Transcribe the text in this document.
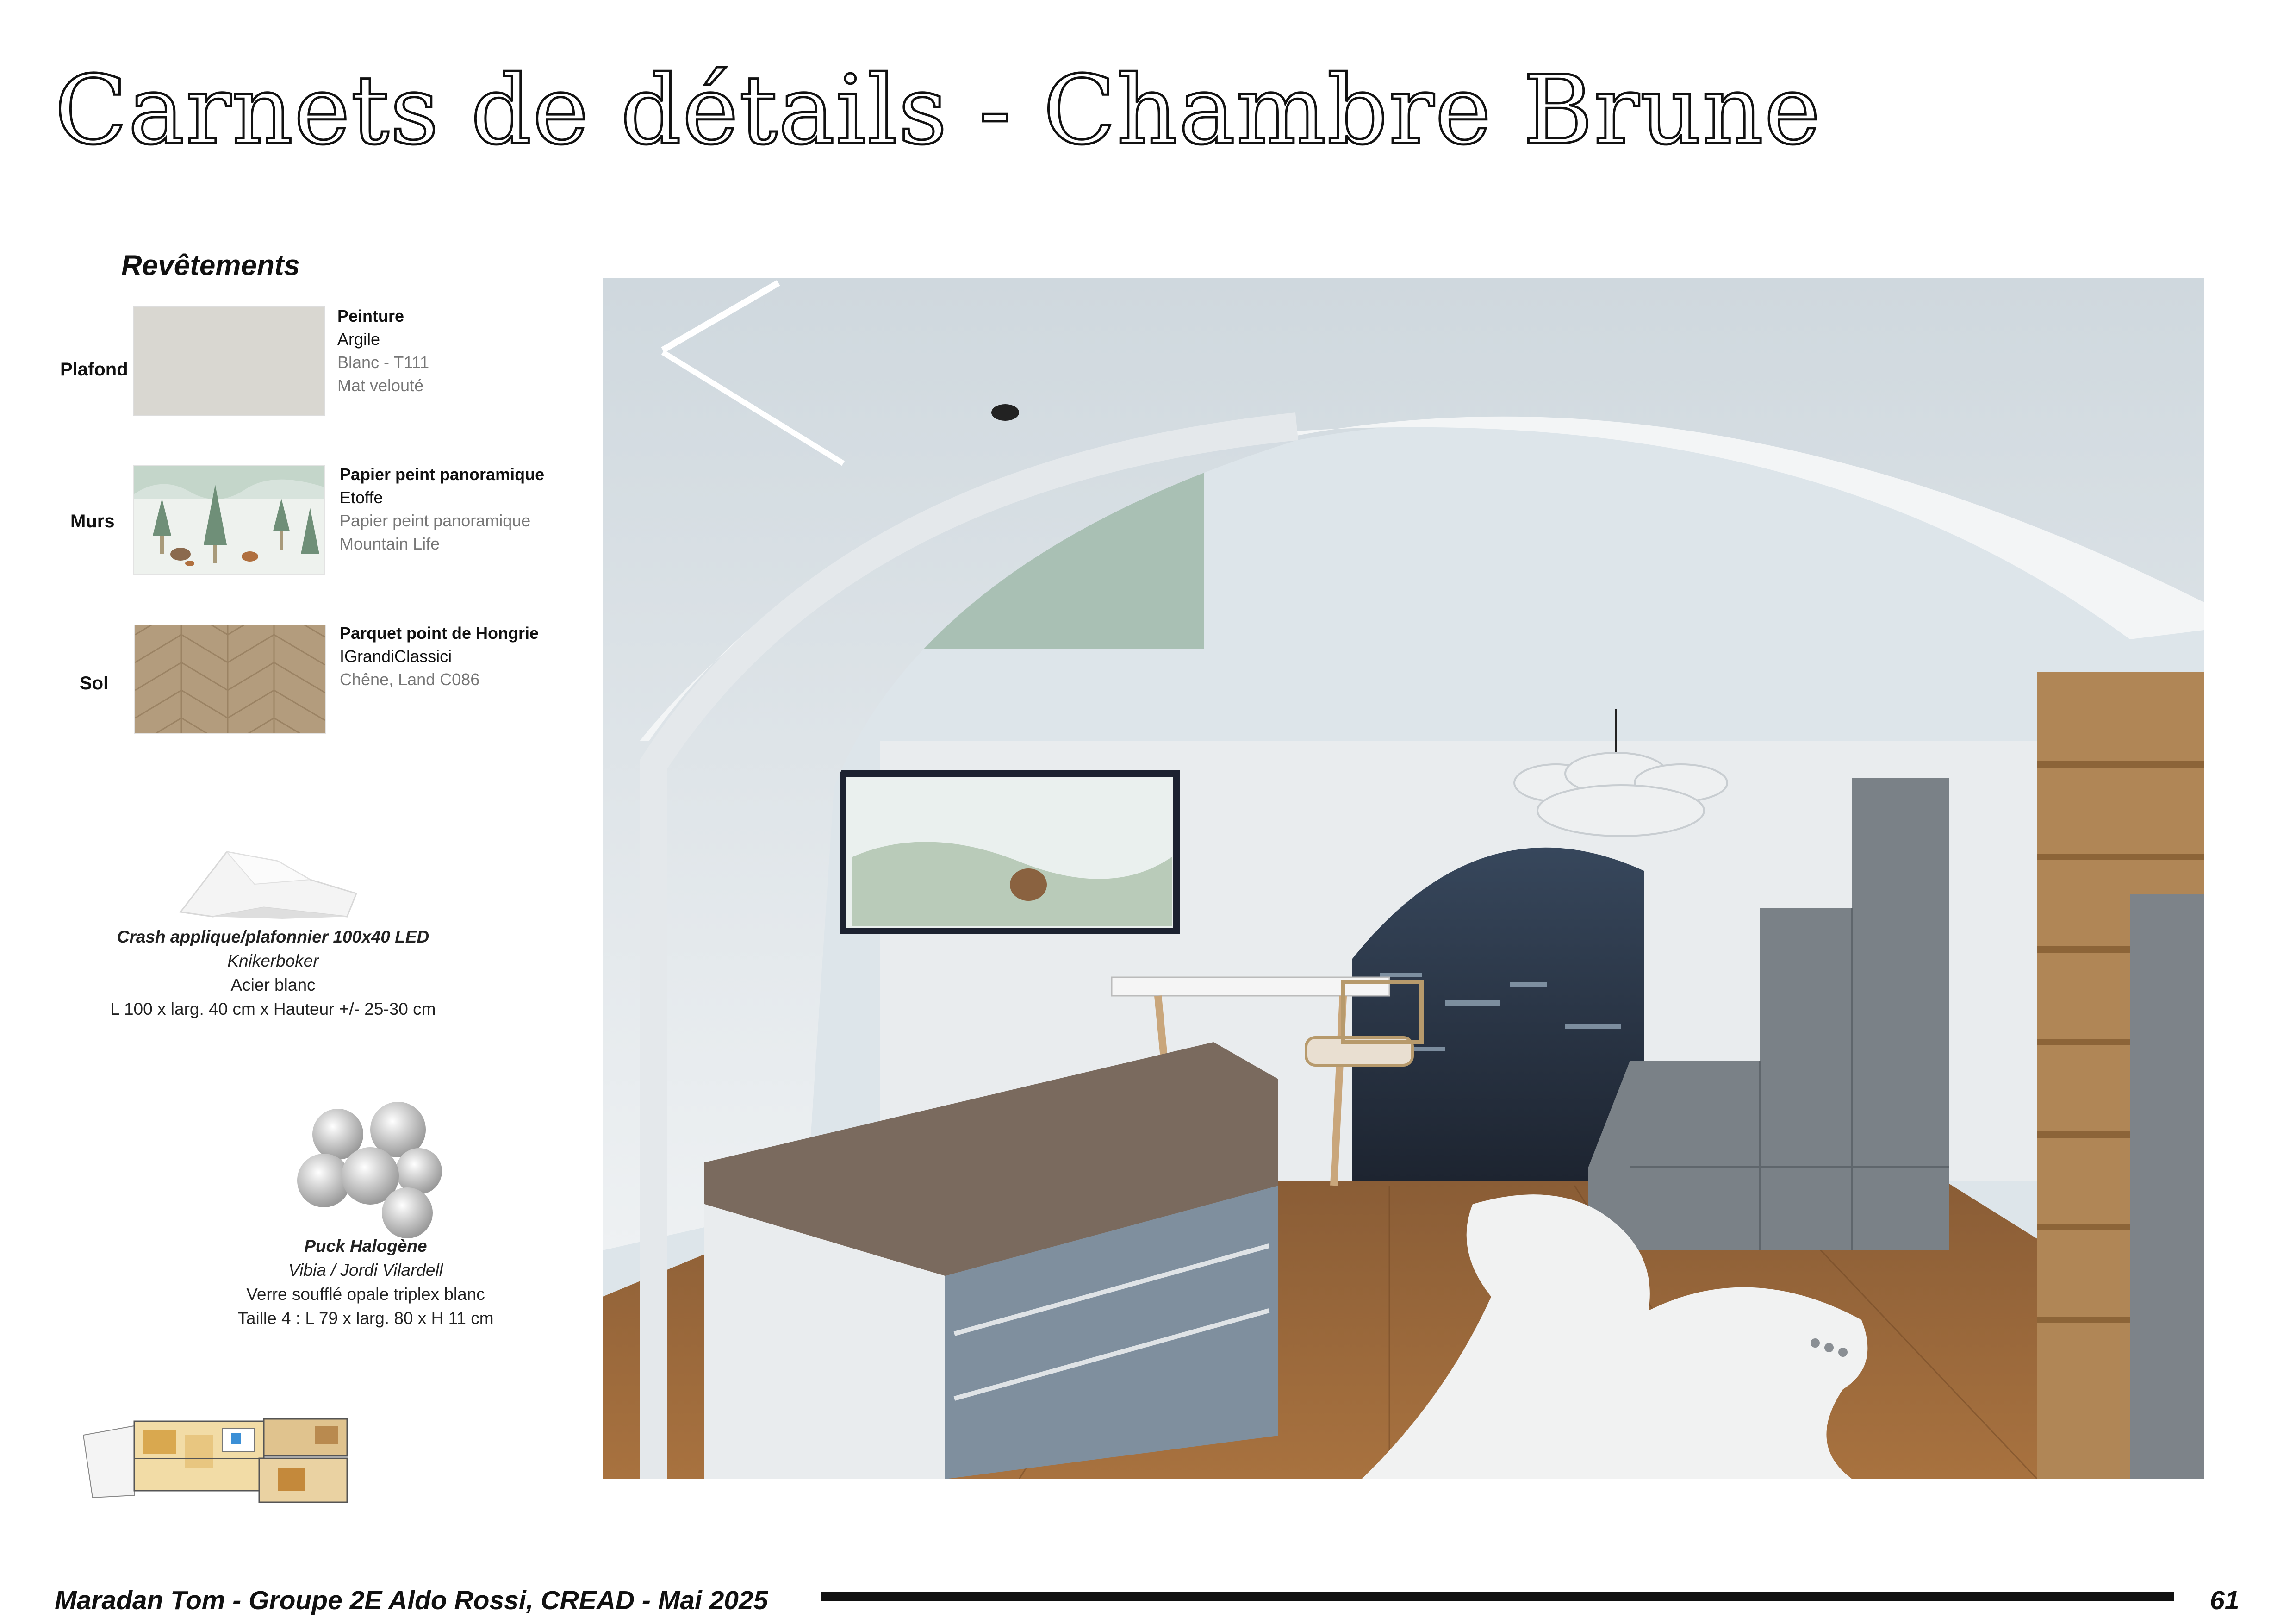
Carnets de détails - Chambre Brune
Revêtements
Plafond
Peinture
Argile
Blanc - T111
Mat velouté
Murs
Papier peint panoramique
Etoffe
Papier peint panoramique
Mountain Life
Sol
Parquet point de Hongrie
IGrandiClassici
Chêne, Land C086
Crash applique/plafonnier 100x40 LED
Knikerboker
Acier blanc
L 100 x larg. 40 cm x Hauteur +/- 25-30 cm
Puck Halogène
Vibia / Jordi Vilardell
Verre soufflé opale triplex blanc
Taille 4 : L 79 x larg. 80 x H 11 cm
Maradan Tom - Groupe 2E Aldo Rossi, CREAD - Mai 2025	61
